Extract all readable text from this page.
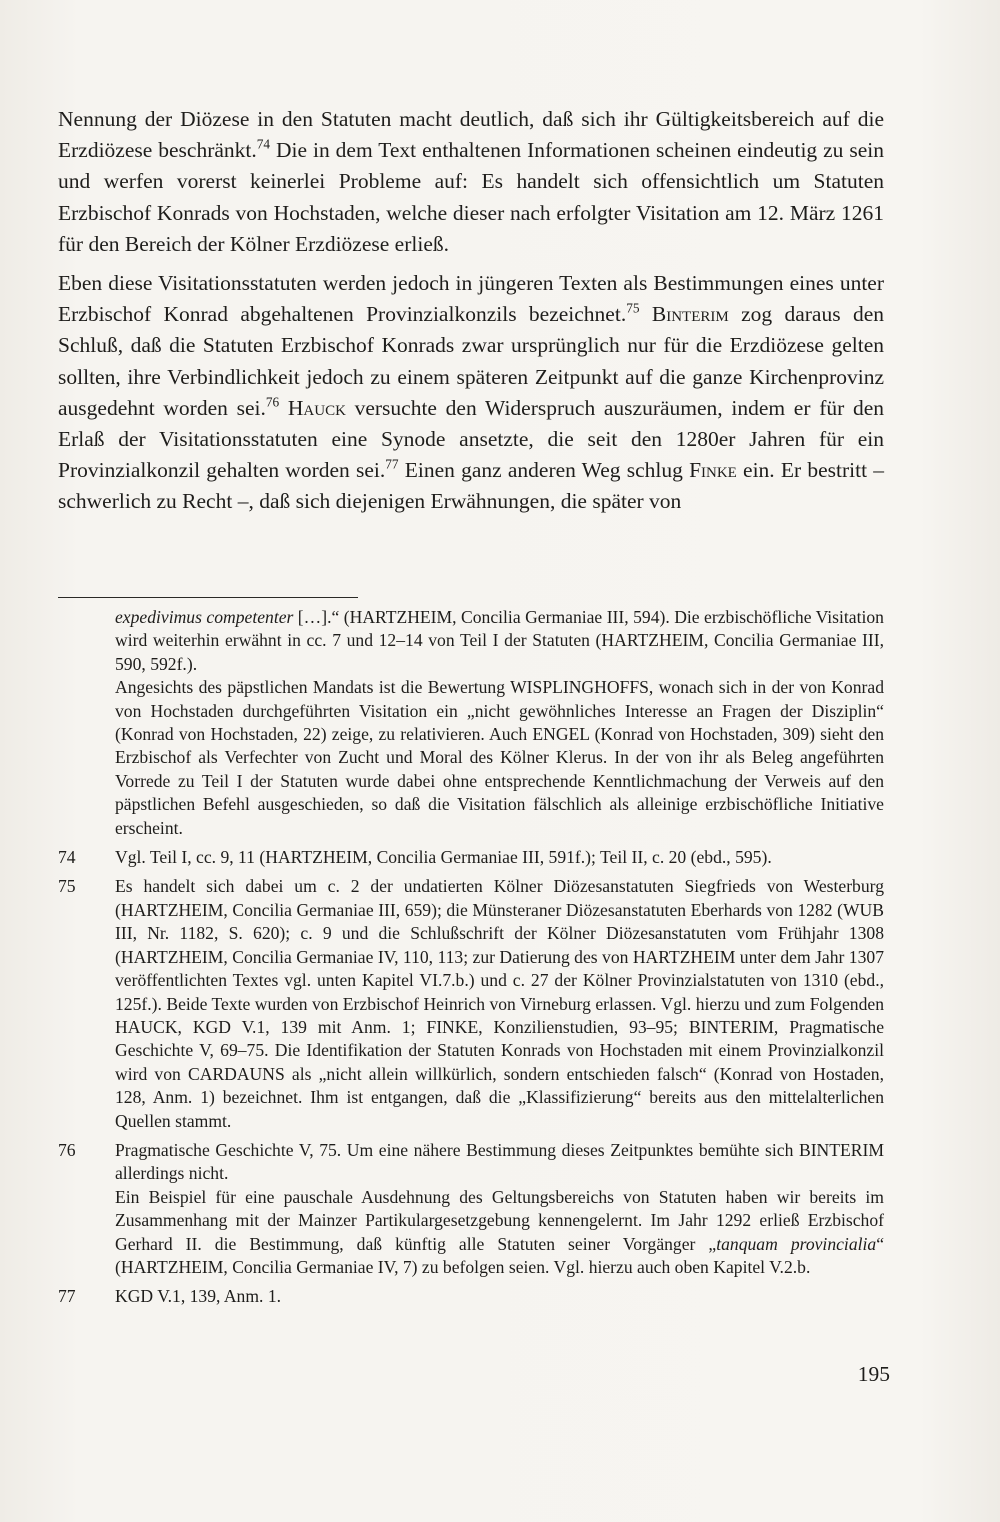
Nennung der Diözese in den Statuten macht deutlich, daß sich ihr Gültigkeitsbereich auf die Erzdiözese beschränkt.$^{74}$ Die in dem Text enthaltenen Informationen scheinen eindeutig zu sein und werfen vorerst keinerlei Probleme auf: Es handelt sich offensichtlich um Statuten Erzbischof Konrads von Hochstaden, welche dieser nach erfolgter Visitation am 12. März 1261 für den Bereich der Kölner Erzdiözese erließ.

Eben diese Visitationsstatuten werden jedoch in jüngeren Texten als Bestimmungen eines unter Erzbischof Konrad abgehaltenen Provinzialkonzils bezeichnet.$^{75}$ Binterim zog daraus den Schluß, daß die Statuten Erzbischof Konrads zwar ursprünglich nur für die Erzdiözese gelten sollten, ihre Verbindlichkeit jedoch zu einem späteren Zeitpunkt auf die ganze Kirchenprovinz ausgedehnt worden sei.$^{76}$ Hauck versuchte den Widerspruch auszuräumen, indem er für den Erlaß der Visitationsstatuten eine Synode ansetzte, die seit den 1280er Jahren für ein Provinzialkonzil gehalten worden sei.$^{77}$ Einen ganz anderen Weg schlug Finke ein. Er bestritt – schwerlich zu Recht –, daß sich diejenigen Erwähnungen, die später von

expedivimus competenter […].“ (HARTZHEIM, Concilia Germaniae III, 594). Die erzbischöfliche Visitation wird weiterhin erwähnt in cc. 7 und 12–14 von Teil I der Statuten (HARTZHEIM, Concilia Germaniae III, 590, 592f.).

Angesichts des päpstlichen Mandats ist die Bewertung WISPLINGHOFFS, wonach sich in der von Konrad von Hochstaden durchgeführten Visitation ein „nicht gewöhnliches Interesse an Fragen der Disziplin“ (Konrad von Hochstaden, 22) zeige, zu relativieren. Auch ENGEL (Konrad von Hochstaden, 309) sieht den Erzbischof als Verfechter von Zucht und Moral des Kölner Klerus. In der von ihr als Beleg angeführten Vorrede zu Teil I der Statuten wurde dabei ohne entsprechende Kenntlichmachung der Verweis auf den päpstlichen Befehl ausgeschieden, so daß die Visitation fälschlich als alleinige erzbischöfliche Initiative erscheint.

74	Vgl. Teil I, cc. 9, 11 (HARTZHEIM, Concilia Germaniae III, 591f.); Teil II, c. 20 (ebd., 595).
75	Es handelt sich dabei um c. 2 der undatierten Kölner Diözesanstatuten Siegfrieds von Westerburg (HARTZHEIM, Concilia Germaniae III, 659); die Münsteraner Diözesanstatuten Eberhards von 1282 (WUB III, Nr. 1182, S. 620); c. 9 und die Schlußschrift der Kölner Diözesanstatuten vom Frühjahr 1308 (HARTZHEIM, Concilia Germaniae IV, 110, 113; zur Datierung des von HARTZHEIM unter dem Jahr 1307 veröffentlichten Textes vgl. unten Kapitel VI.7.b.) und c. 27 der Kölner Provinzialstatuten von 1310 (ebd., 125f.). Beide Texte wurden von Erzbischof Heinrich von Virneburg erlassen. Vgl. hierzu und zum Folgenden HAUCK, KGD V.1, 139 mit Anm. 1; FINKE, Konzilienstudien, 93–95; BINTERIM, Pragmatische Geschichte V, 69–75. Die Identifikation der Statuten Konrads von Hochstaden mit einem Provinzialkonzil wird von CARDAUNS als „nicht allein willkürlich, sondern entschieden falsch“ (Konrad von Hostaden, 128, Anm. 1) bezeichnet. Ihm ist entgangen, daß die „Klassifizierung“ bereits aus den mittelalterlichen Quellen stammt.
76	Pragmatische Geschichte V, 75. Um eine nähere Bestimmung dieses Zeitpunktes bemühte sich BINTERIM allerdings nicht.

Ein Beispiel für eine pauschale Ausdehnung des Geltungsbereichs von Statuten haben wir bereits im Zusammenhang mit der Mainzer Partikulargesetzgebung kennengelernt. Im Jahr 1292 erließ Erzbischof Gerhard II. die Bestimmung, daß künftig alle Statuten seiner Vorgänger „tanquam provincialia“ (HARTZHEIM, Concilia Germaniae IV, 7) zu befolgen seien. Vgl. hierzu auch oben Kapitel V.2.b.

77	KGD V.1, 139, Anm. 1.
195
